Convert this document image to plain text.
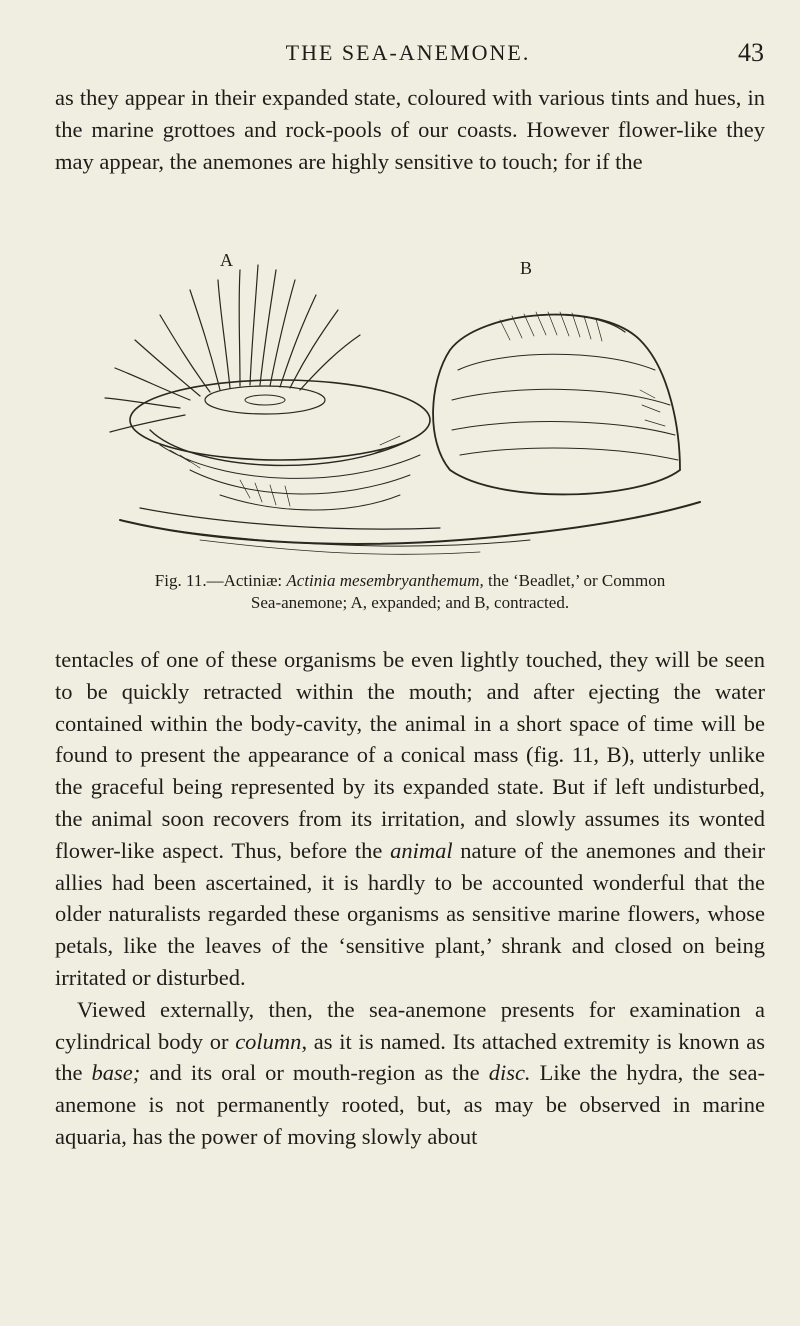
THE SEA-ANEMONE.	43

as they appear in their expanded state, coloured with various tints and hues, in the marine grottoes and rock-pools of our coasts. However flower-like they may appear, the anemones are highly sensitive to touch; for if the

A	B
Fig. 11.—Actiniæ: Actinia mesembryanthemum, the ‘Beadlet,’ or Common
Sea-anemone; A, expanded; and B, contracted.

tentacles of one of these organisms be even lightly touched, they will be seen to be quickly retracted within the mouth; and after ejecting the water contained within the body-cavity, the animal in a short space of time will be found to present the appearance of a conical mass (fig. 11, B), utterly unlike the graceful being represented by its expanded state. But if left undisturbed, the animal soon recovers from its irritation, and slowly assumes its wonted flower-like aspect. Thus, before the animal nature of the anemones and their allies had been ascertained, it is hardly to be accounted wonderful that the older naturalists regarded these organisms as sensitive marine flowers, whose petals, like the leaves of the ‘sensitive plant,’ shrank and closed on being irritated or disturbed.

Viewed externally, then, the sea-anemone presents for examination a cylindrical body or column, as it is named. Its attached extremity is known as the base; and its oral or mouth-region as the disc. Like the hydra, the sea-anemone is not permanently rooted, but, as may be observed in marine aquaria, has the power of moving slowly about
